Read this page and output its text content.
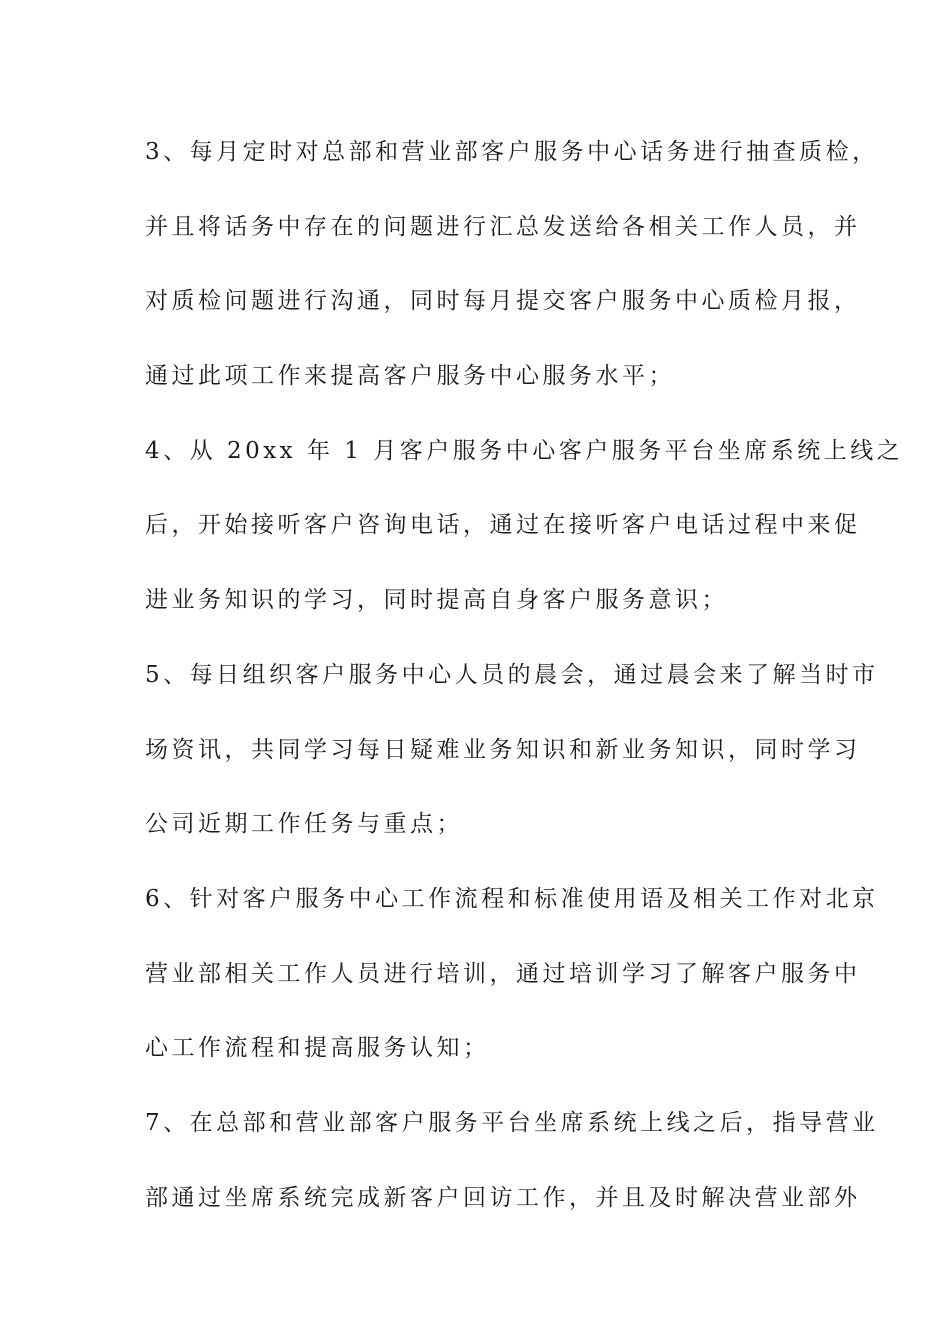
3、每月定时对总部和营业部客户服务中心话务进行抽查质检，
并且将话务中存在的问题进行汇总发送给各相关工作人员，并
对质检问题进行沟通，同时每月提交客户服务中心质检月报，
通过此项工作来提高客户服务中心服务水平；
4、从 20xx 年 1 月客户服务中心客户服务平台坐席系统上线之
后，开始接听客户咨询电话，通过在接听客户电话过程中来促
进业务知识的学习，同时提高自身客户服务意识；
5、每日组织客户服务中心人员的晨会，通过晨会来了解当时市
场资讯，共同学习每日疑难业务知识和新业务知识，同时学习
公司近期工作任务与重点；
6、针对客户服务中心工作流程和标准使用语及相关工作对北京
营业部相关工作人员进行培训，通过培训学习了解客户服务中
心工作流程和提高服务认知；
7、在总部和营业部客户服务平台坐席系统上线之后，指导营业
部通过坐席系统完成新客户回访工作，并且及时解决营业部外
